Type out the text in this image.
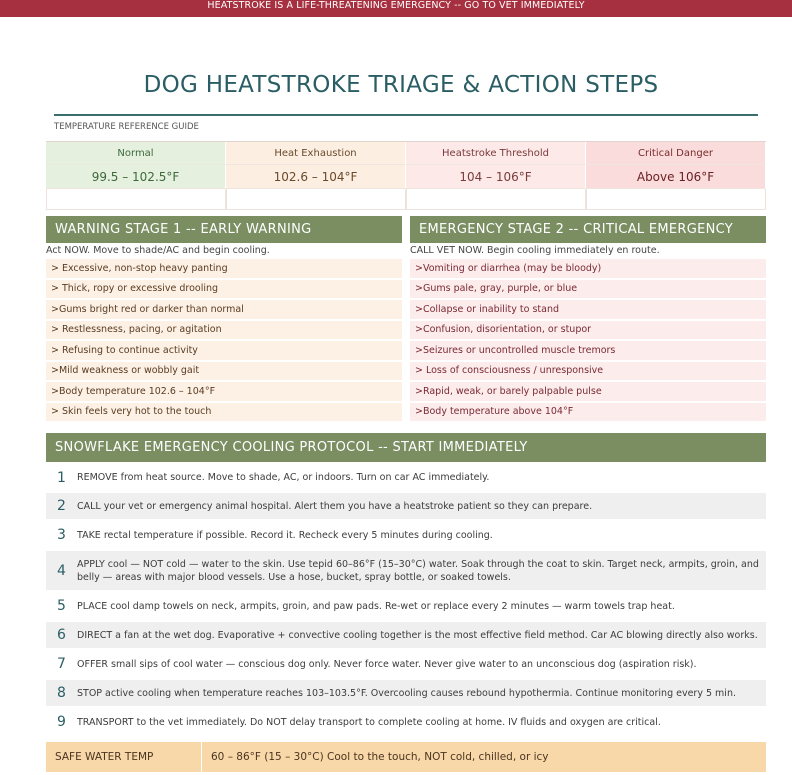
HEATSTROKE IS A LIFE-THREATENING EMERGENCY -- GO TO VET IMMEDIATELY
DOG HEATSTROKE TRIAGE & ACTION STEPS
TEMPERATURE REFERENCE GUIDE
Normal	Heat Exhaustion	Heatstroke Threshold	Critical Danger
99.5 – 102.5°F	102.6 – 104°F	104 – 106°F	Above 106°F
WARNING STAGE 1 -- EARLY WARNING
Act NOW. Move to shade/AC and begin cooling.
> Excessive, non-stop heavy panting
> Thick, ropy or excessive drooling
>Gums bright red or darker than normal
> Restlessness, pacing, or agitation
> Refusing to continue activity
>Mild weakness or wobbly gait
>Body temperature 102.6 – 104°F
> Skin feels very hot to the touch
EMERGENCY STAGE 2 -- CRITICAL EMERGENCY
CALL VET NOW. Begin cooling immediately en route.
>Vomiting or diarrhea (may be bloody)
>Gums pale, gray, purple, or blue
>Collapse or inability to stand
>Confusion, disorientation, or stupor
>Seizures or uncontrolled muscle tremors
> Loss of consciousness / unresponsive
>Rapid, weak, or barely palpable pulse
>Body temperature above 104°F
SNOWFLAKE EMERGENCY COOLING PROTOCOL -- START IMMEDIATELY
1	REMOVE from heat source. Move to shade, AC, or indoors. Turn on car AC immediately.
2	CALL your vet or emergency animal hospital. Alert them you have a heatstroke patient so they can prepare.
3	TAKE rectal temperature if possible. Record it. Recheck every 5 minutes during cooling.
4	APPLY cool — NOT cold — water to the skin. Use tepid 60–86°F (15–30°C) water. Soak through the coat to skin. Target neck, armpits, groin, and belly — areas with major blood vessels. Use a hose, bucket, spray bottle, or soaked towels.
5	PLACE cool damp towels on neck, armpits, groin, and paw pads. Re-wet or replace every 2 minutes — warm towels trap heat.
6	DIRECT a fan at the wet dog. Evaporative + convective cooling together is the most effective field method. Car AC blowing directly also works.
7	OFFER small sips of cool water — conscious dog only. Never force water. Never give water to an unconscious dog (aspiration risk).
8	STOP active cooling when temperature reaches 103–103.5°F. Overcooling causes rebound hypothermia. Continue monitoring every 5 min.
9	TRANSPORT to the vet immediately. Do NOT delay transport to complete cooling at home. IV fluids and oxygen are critical.
SAFE WATER TEMP	60 – 86°F (15 – 30°C) Cool to the touch, NOT cold, chilled, or icy
